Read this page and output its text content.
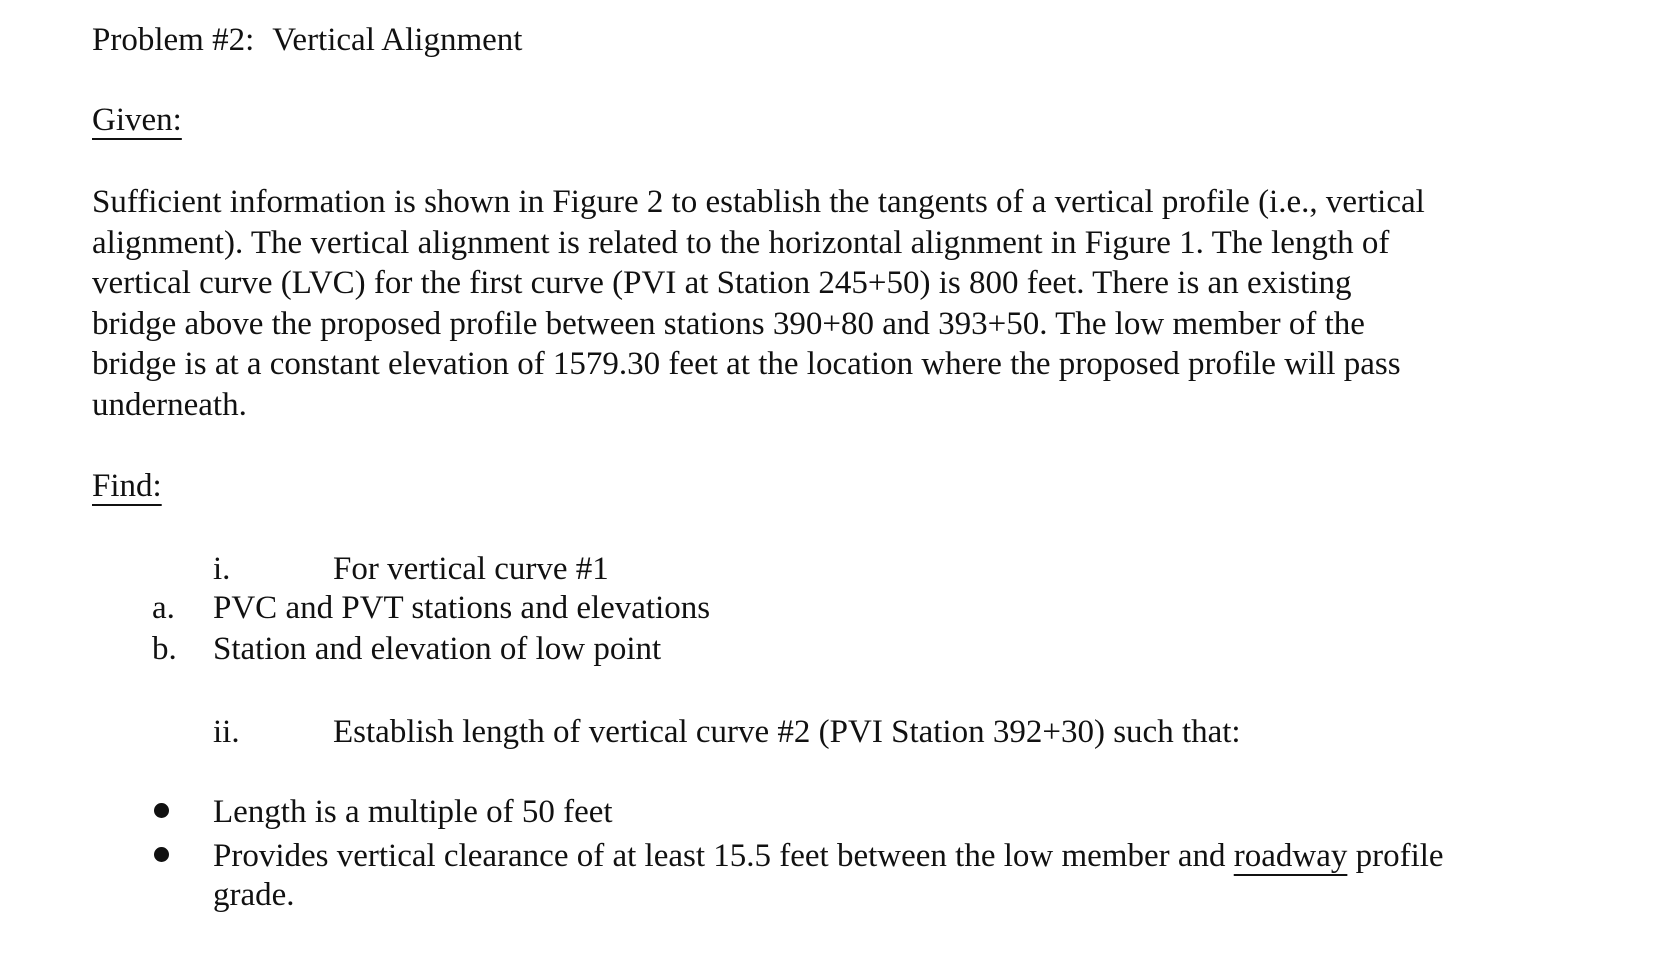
Problem #2: Vertical Alignment
Given:
Sufficient information is shown in Figure 2 to establish the tangents of a vertical profile (i.e., vertical
alignment). The vertical alignment is related to the horizontal alignment in Figure 1. The length of
vertical curve (LVC) for the first curve (PVI at Station 245+50) is 800 feet. There is an existing
bridge above the proposed profile between stations 390+80 and 393+50. The low member of the
bridge is at a constant elevation of 1579.30 feet at the location where the proposed profile will pass
underneath.
Find:
i.	For vertical curve #1
a. PVC and PVT stations and elevations
b. Station and elevation of low point
ii.	Establish length of vertical curve #2 (PVI Station 392+30) such that:
Length is a multiple of 50 feet
Provides vertical clearance of at least 15.5 feet between the low member and roadway profile
grade.
